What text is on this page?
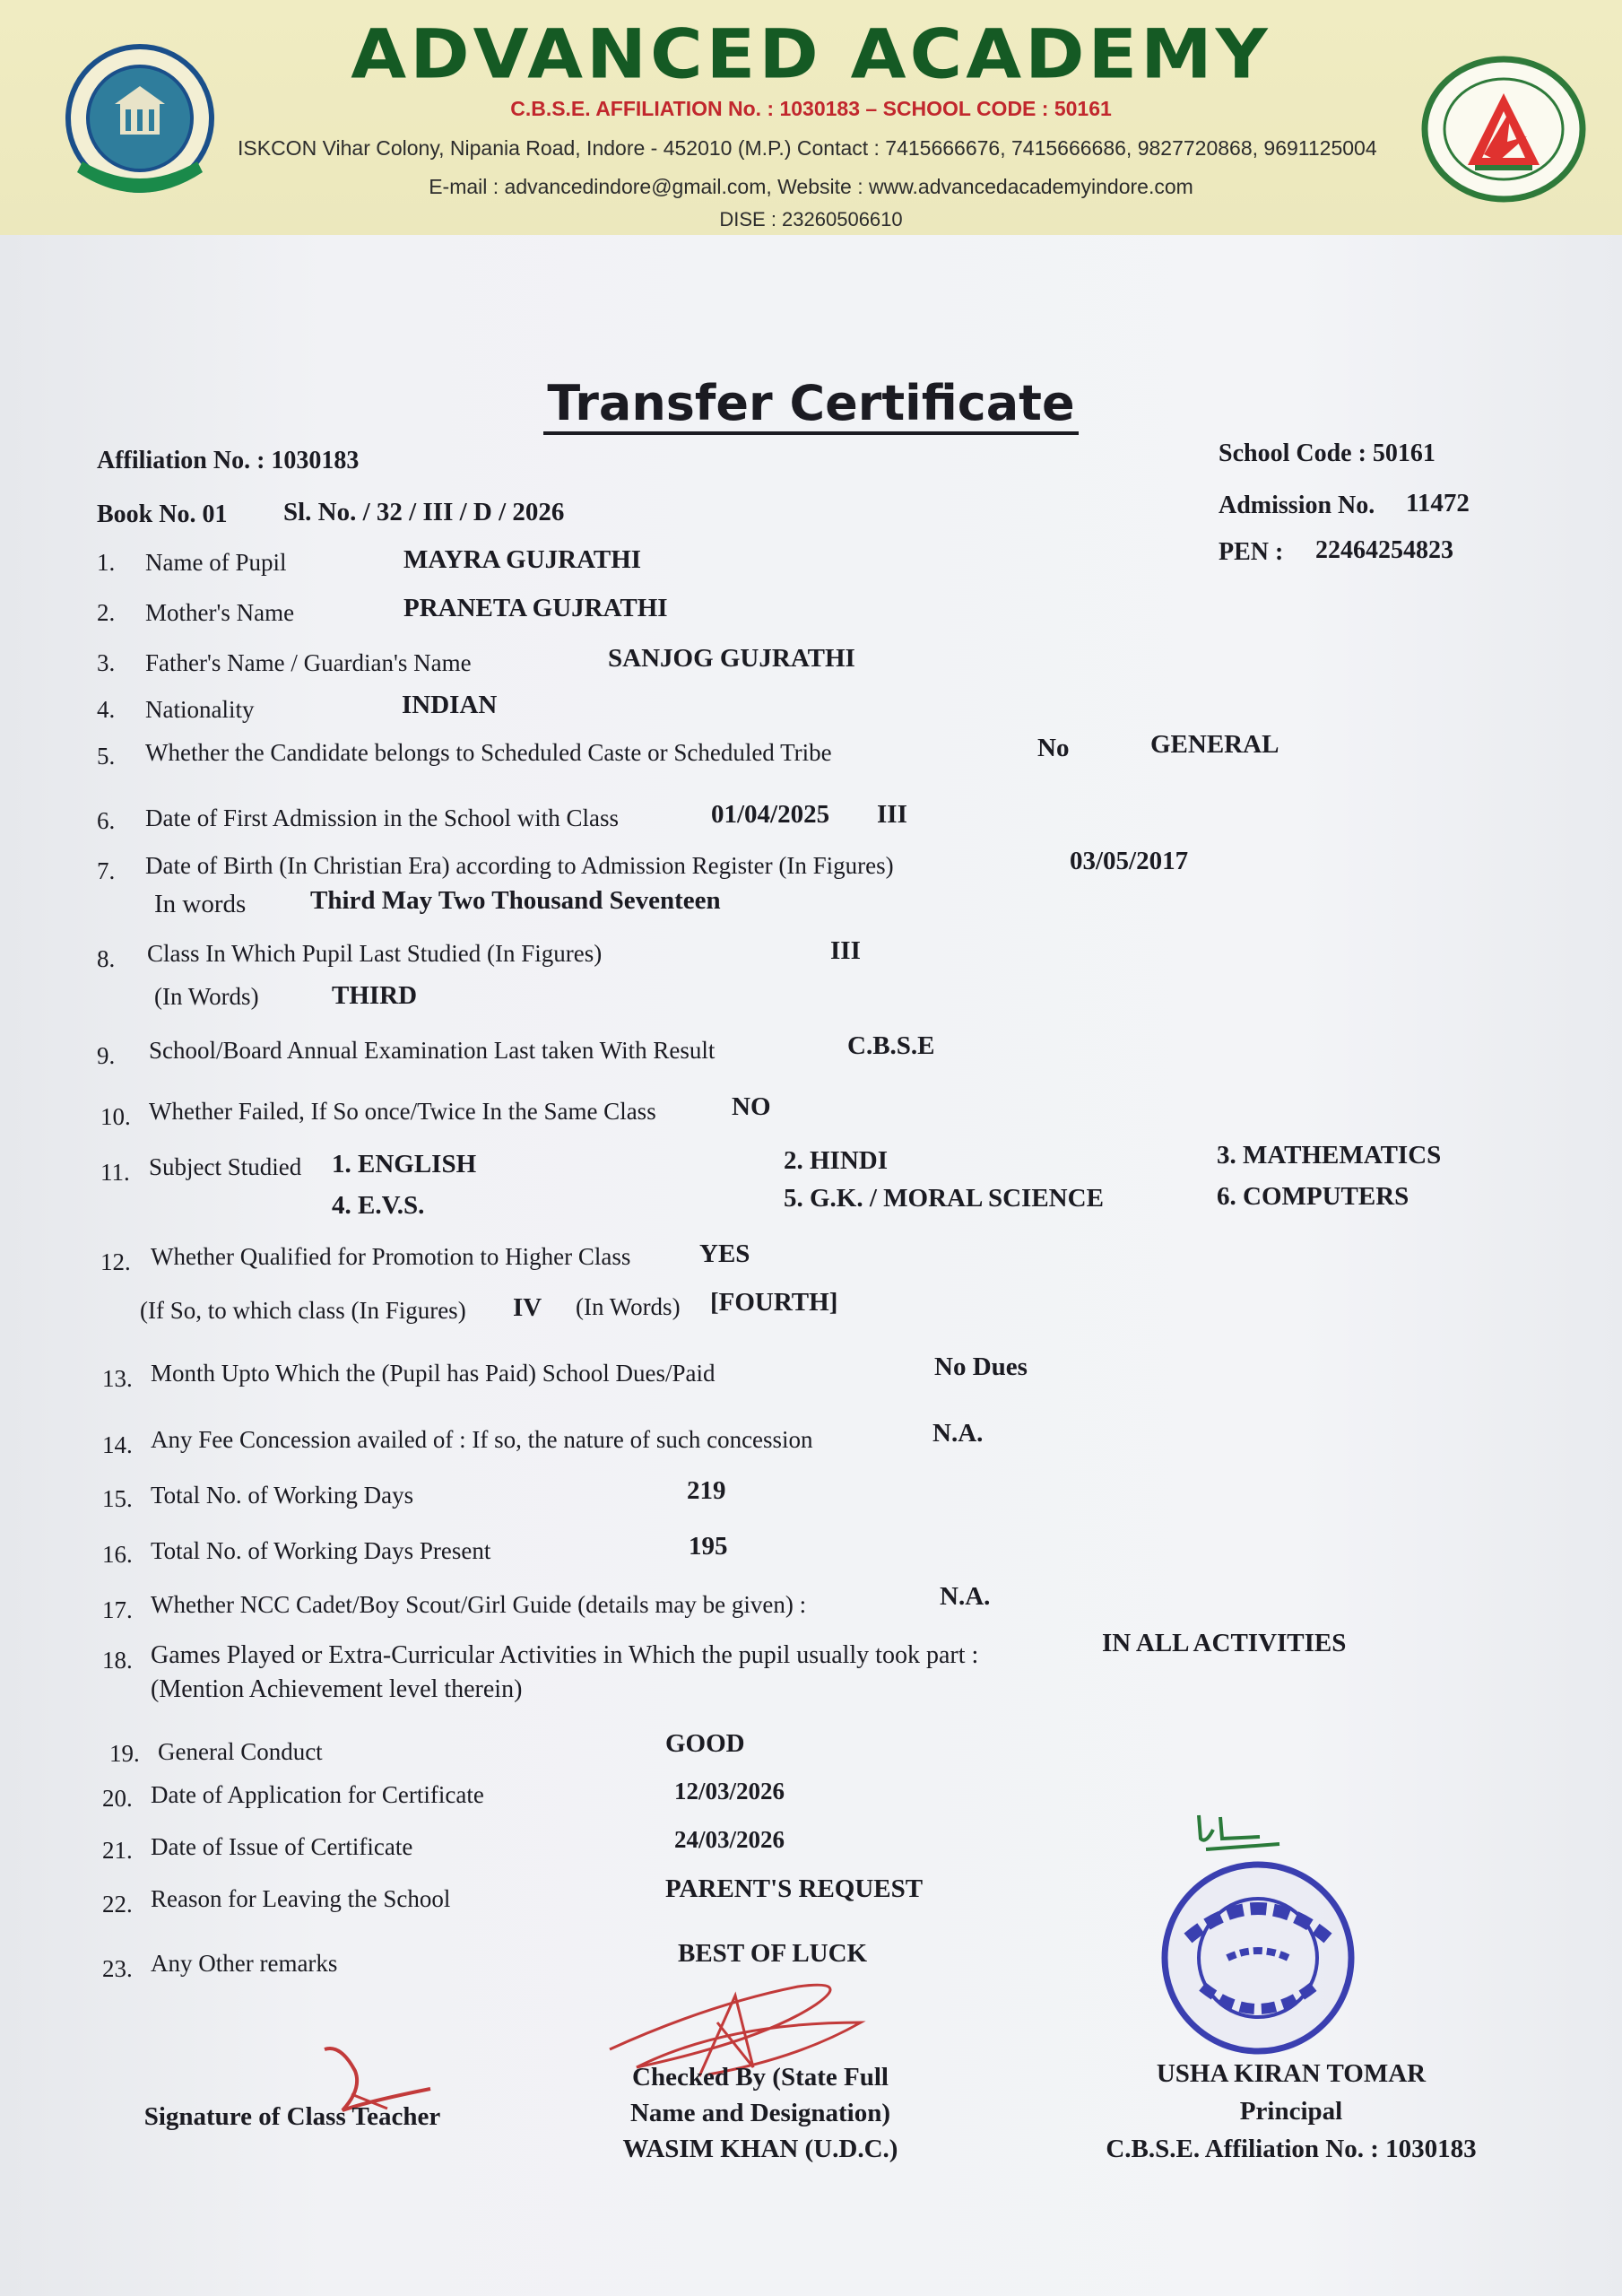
ADVANCED ACADEMY
C.B.S.E. AFFILIATION No. : 1030183 – SCHOOL CODE : 50161
ISKCON Vihar Colony, Nipania Road, Indore - 452010 (M.P.) Contact : 7415666676, 7415666686, 9827720868, 9691125004
E-mail : advancedindore@gmail.com, Website : www.advancedacademyindore.com
DISE : 23260506610
Transfer Certificate
Affiliation No. : 1030183	School Code : 50161
Book No. 01 Sl. No. / 32 / III / D / 2026	Admission No. 11472
PEN : 22464254823
1. Name of Pupil	MAYRA GUJRATHI
2. Mother's Name	PRANETA GUJRATHI
3. Father's Name / Guardian's Name	SANJOG GUJRATHI
4. Nationality	INDIAN
5. Whether the Candidate belongs to Scheduled Caste or Scheduled Tribe	No	GENERAL
6. Date of First Admission in the School with Class	01/04/2025 III
7. Date of Birth (In Christian Era) according to Admission Register (In Figures)	03/05/2017
In words Third May Two Thousand Seventeen
8. Class In Which Pupil Last Studied (In Figures)	III
(In Words)	THIRD
9. School/Board Annual Examination Last taken With Result	C.B.S.E
10. Whether Failed, If So once/Twice In the Same Class	NO
11. Subject Studied 1. ENGLISH	2. HINDI	3. MATHEMATICS
4. E.V.S.	5. G.K. / MORAL SCIENCE	6. COMPUTERS
12. Whether Qualified for Promotion to Higher Class	YES
(If So, to which class (In Figures) IV (In Words) [FOURTH]
13. Month Upto Which the (Pupil has Paid) School Dues/Paid	No Dues
14. Any Fee Concession availed of : If so, the nature of such concession	N.A.
15. Total No. of Working Days	219
16. Total No. of Working Days Present	195
17. Whether NCC Cadet/Boy Scout/Girl Guide (details may be given) :	N.A.
18. Games Played or Extra-Curricular Activities in Which the pupil usually took part :	IN ALL ACTIVITIES
(Mention Achievement level therein)
19. General Conduct	GOOD
20. Date of Application for Certificate	12/03/2026
21. Date of Issue of Certificate	24/03/2026
22. Reason for Leaving the School	PARENT'S REQUEST
23. Any Other remarks	BEST OF LUCK
Signature of Class Teacher
Checked By (State Full
Name and Designation)
WASIM KHAN (U.D.C.)
USHA KIRAN TOMAR
Principal
C.B.S.E. Affiliation No. : 1030183
